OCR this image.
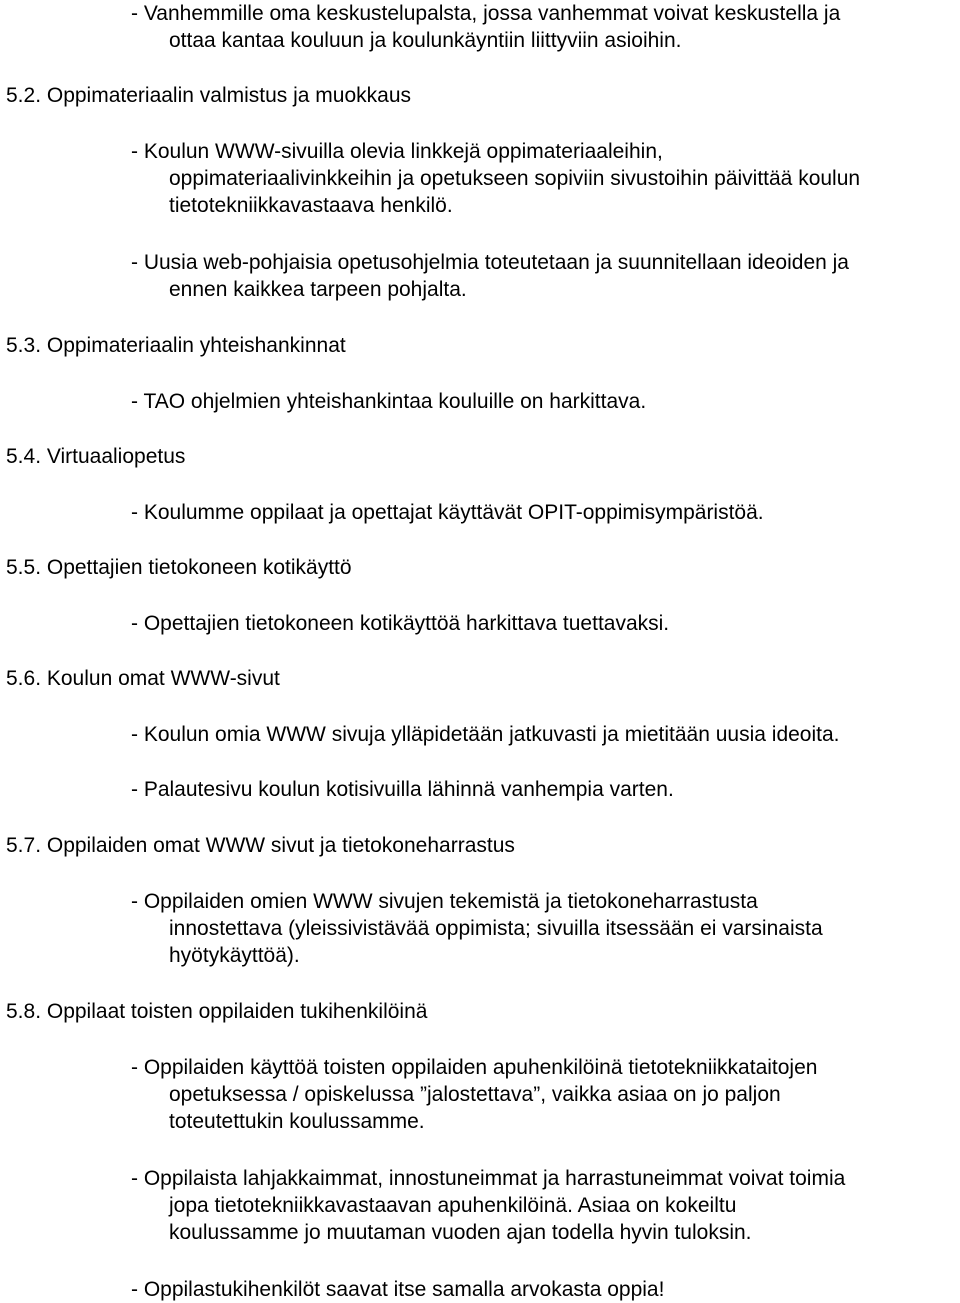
- Vanhemmille oma keskustelupalsta, jossa vanhemmat voivat keskustella ja
ottaa kantaa kouluun ja koulunkäyntiin liittyviin asioihin.
5.2. Oppimateriaalin valmistus ja muokkaus
- Koulun WWW-sivuilla olevia linkkejä oppimateriaaleihin,
oppimateriaalivinkkeihin ja opetukseen sopiviin sivustoihin päivittää koulun
tietotekniikkavastaava henkilö.
- Uusia web-pohjaisia opetusohjelmia toteutetaan ja suunnitellaan ideoiden ja
ennen kaikkea tarpeen pohjalta.
5.3. Oppimateriaalin yhteishankinnat
- TAO ohjelmien yhteishankintaa kouluille on harkittava.
5.4. Virtuaaliopetus
- Koulumme oppilaat ja opettajat käyttävät OPIT-oppimisympäristöä.
5.5. Opettajien tietokoneen kotikäyttö
- Opettajien tietokoneen kotikäyttöä harkittava tuettavaksi.
5.6. Koulun omat WWW-sivut
- Koulun omia WWW sivuja ylläpidetään jatkuvasti ja mietitään uusia ideoita.
- Palautesivu koulun kotisivuilla lähinnä vanhempia varten.
5.7. Oppilaiden omat WWW sivut ja tietokoneharrastus
- Oppilaiden omien WWW sivujen tekemistä ja tietokoneharrastusta
innostettava (yleissivistävää oppimista; sivuilla itsessään ei varsinaista
hyötykäyttöä).
5.8. Oppilaat toisten oppilaiden tukihenkilöinä
- Oppilaiden käyttöä toisten oppilaiden apuhenkilöinä tietotekniikkataitojen
opetuksessa / opiskelussa ”jalostettava”, vaikka asiaa on jo paljon
toteutettukin koulussamme.
- Oppilaista lahjakkaimmat, innostuneimmat ja harrastuneimmat voivat toimia
jopa tietotekniikkavastaavan apuhenkilöinä. Asiaa on kokeiltu
koulussamme jo muutaman vuoden ajan todella hyvin tuloksin.
- Oppilastukihenkilöt saavat itse samalla arvokasta oppia!
